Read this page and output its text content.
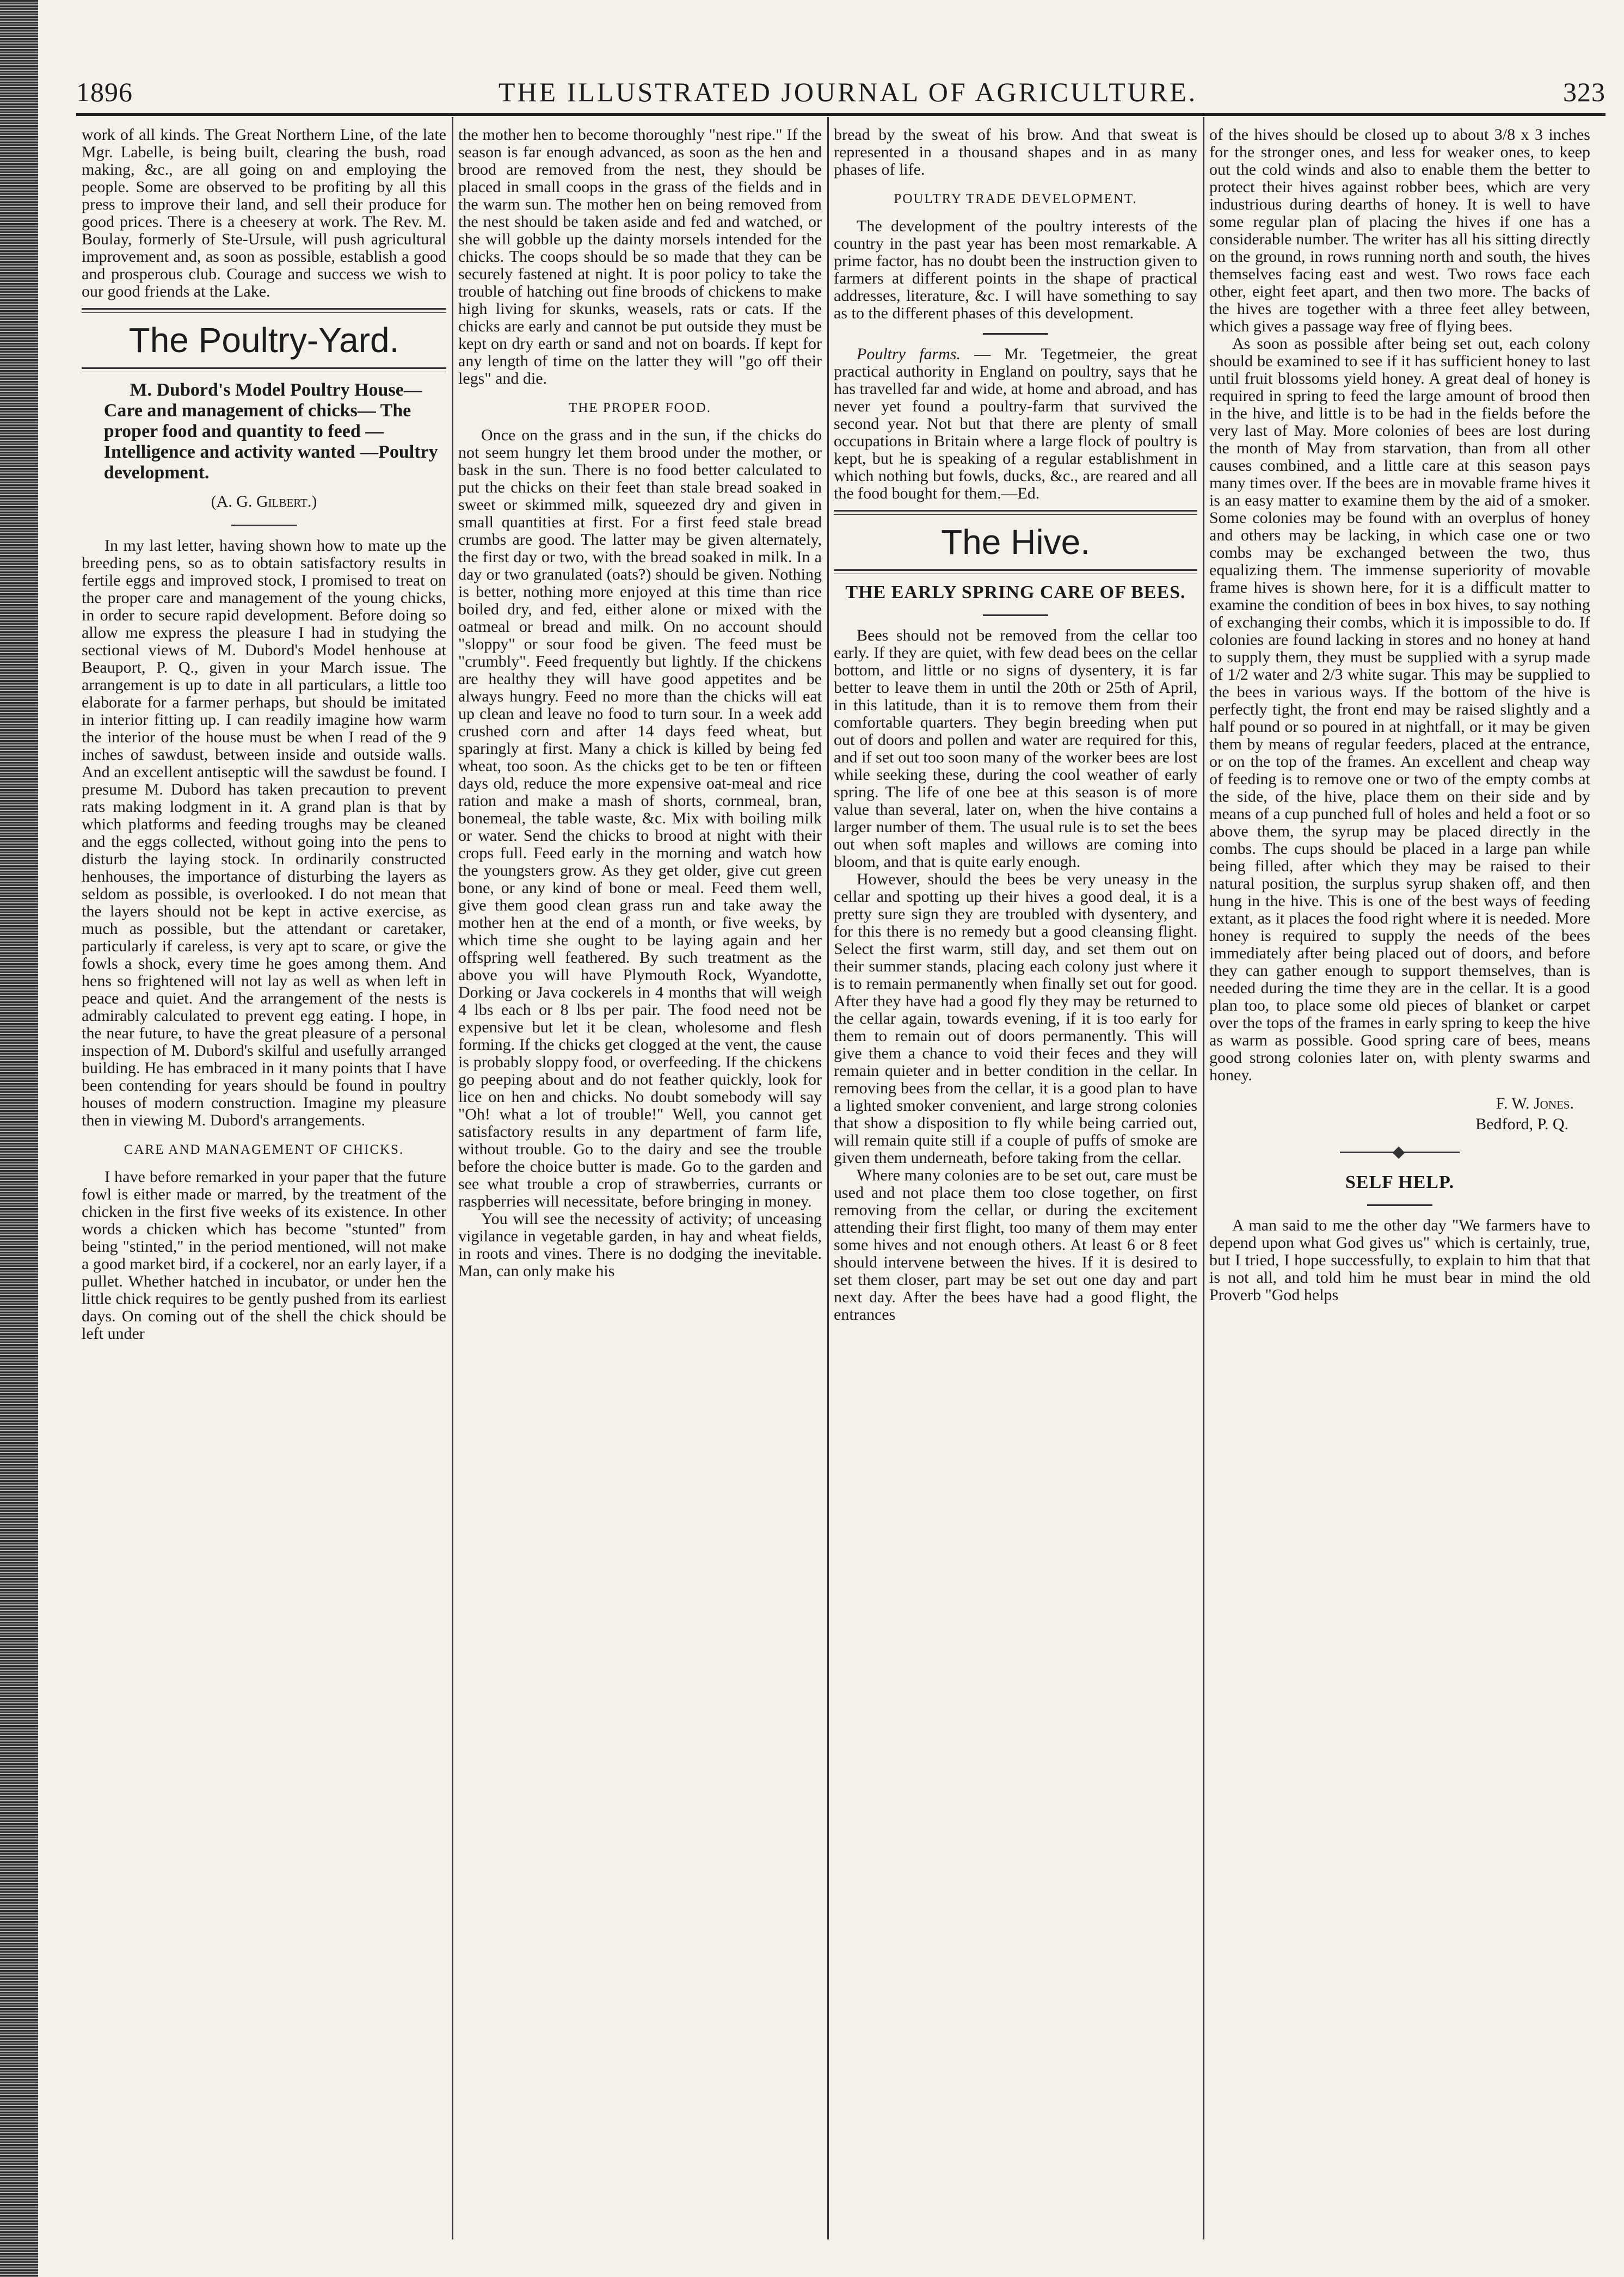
1896	THE ILLUSTRATED JOURNAL OF AGRICULTURE.	323

work of all kinds. The Great Northern Line, of the late Mgr. Labelle, is being built, clearing the bush, road making, &c., are all going on and employing the people. Some are observed to be profiting by all this press to improve their land, and sell their produce for good prices. There is a cheesery at work. The Rev. M. Boulay, formerly of Ste-Ursule, will push agricultural improvement and, as soon as possible, establish a good and prosperous club. Courage and success we wish to our good friends at the Lake.

The Poultry-Yard.

M. Dubord's Model Poultry House— Care and management of chicks— The proper food and quantity to feed —Intelligence and activity wanted —Poultry development.

(A. G. Gilbert.)

In my last letter, having shown how to mate up the breeding pens, so as to obtain satisfactory results in fertile eggs and improved stock, I promised to treat on the proper care and management of the young chicks, in order to secure rapid development. Before doing so allow me express the pleasure I had in studying the sectional views of M. Dubord's Model henhouse at Beauport, P. Q., given in your March issue. The arrangement is up to date in all particulars, a little too elaborate for a farmer perhaps, but should be imitated in interior fitting up. I can readily imagine how warm the interior of the house must be when I read of the 9 inches of sawdust, between inside and outside walls. And an excellent antiseptic will the sawdust be found. I presume M. Dubord has taken precaution to prevent rats making lodgment in it. A grand plan is that by which platforms and feeding troughs may be cleaned and the eggs collected, without going into the pens to disturb the laying stock. In ordinarily constructed henhouses, the importance of disturbing the layers as seldom as possible, is overlooked. I do not mean that the layers should not be kept in active exercise, as much as possible, but the attendant or caretaker, particularly if careless, is very apt to scare, or give the fowls a shock, every time he goes among them. And hens so frightened will not lay as well as when left in peace and quiet. And the arrangement of the nests is admirably calculated to prevent egg eating. I hope, in the near future, to have the great pleasure of a personal inspection of M. Dubord's skilful and usefully arranged building. He has embraced in it many points that I have been contending for years should be found in poultry houses of modern construction. Imagine my pleasure then in viewing M. Dubord's arrangements.

CARE AND MANAGEMENT OF CHICKS.

I have before remarked in your paper that the future fowl is either made or marred, by the treatment of the chicken in the first five weeks of its existence. In other words a chicken which has become "stunted" from being "stinted," in the period mentioned, will not make a good market bird, if a cockerel, nor an early layer, if a pullet. Whether hatched in incubator, or under hen the little chick requires to be gently pushed from its earliest days. On coming out of the shell the chick should be left under

the mother hen to become thoroughly "nest ripe." If the season is far enough advanced, as soon as the hen and brood are removed from the nest, they should be placed in small coops in the grass of the fields and in the warm sun. The mother hen on being removed from the nest should be taken aside and fed and watched, or she will gobble up the dainty morsels intended for the chicks. The coops should be so made that they can be securely fastened at night. It is poor policy to take the trouble of hatching out fine broods of chickens to make high living for skunks, weasels, rats or cats. If the chicks are early and cannot be put outside they must be kept on dry earth or sand and not on boards. If kept for any length of time on the latter they will "go off their legs" and die.

THE PROPER FOOD.

Once on the grass and in the sun, if the chicks do not seem hungry let them brood under the mother, or bask in the sun. There is no food better calculated to put the chicks on their feet than stale bread soaked in sweet or skimmed milk, squeezed dry and given in small quantities at first. For a first feed stale bread crumbs are good. The latter may be given alternately, the first day or two, with the bread soaked in milk. In a day or two granulated (oats?) should be given. Nothing is better, nothing more enjoyed at this time than rice boiled dry, and fed, either alone or mixed with the oatmeal or bread and milk. On no account should "sloppy" or sour food be given. The feed must be "crumbly". Feed frequently but lightly. If the chickens are healthy they will have good appetites and be always hungry. Feed no more than the chicks will eat up clean and leave no food to turn sour. In a week add crushed corn and after 14 days feed wheat, but sparingly at first. Many a chick is killed by being fed wheat, too soon. As the chicks get to be ten or fifteen days old, reduce the more expensive oat-meal and rice ration and make a mash of shorts, cornmeal, bran, bonemeal, the table waste, &c. Mix with boiling milk or water. Send the chicks to brood at night with their crops full. Feed early in the morning and watch how the youngsters grow. As they get older, give cut green bone, or any kind of bone or meal. Feed them well, give them good clean grass run and take away the mother hen at the end of a month, or five weeks, by which time she ought to be laying again and her offspring well feathered. By such treatment as the above you will have Plymouth Rock, Wyandotte, Dorking or Java cockerels in 4 months that will weigh 4 lbs each or 8 lbs per pair. The food need not be expensive but let it be clean, wholesome and flesh forming. If the chicks get clogged at the vent, the cause is probably sloppy food, or overfeeding. If the chickens go peeping about and do not feather quickly, look for lice on hen and chicks. No doubt somebody will say "Oh! what a lot of trouble!" Well, you cannot get satisfactory results in any department of farm life, without trouble. Go to the dairy and see the trouble before the choice butter is made. Go to the garden and see what trouble a crop of strawberries, currants or raspberries will necessitate, before bringing in money.

You will see the necessity of activity; of unceasing vigilance in vegetable garden, in hay and wheat fields, in roots and vines. There is no dodging the inevitable. Man, can only make his

bread by the sweat of his brow. And that sweat is represented in a thousand shapes and in as many phases of life.

POULTRY TRADE DEVELOPMENT.

The development of the poultry interests of the country in the past year has been most remarkable. A prime factor, has no doubt been the instruction given to farmers at different points in the shape of practical addresses, literature, &c. I will have something to say as to the different phases of this development.

Poultry farms. — Mr. Tegetmeier, the great practical authority in England on poultry, says that he has travelled far and wide, at home and abroad, and has never yet found a poultry-farm that survived the second year. Not but that there are plenty of small occupations in Britain where a large flock of poultry is kept, but he is speaking of a regular establishment in which nothing but fowls, ducks, &c., are reared and all the food bought for them.—Ed.

The Hive.
THE EARLY SPRING CARE OF BEES.

Bees should not be removed from the cellar too early. If they are quiet, with few dead bees on the cellar bottom, and little or no signs of dysentery, it is far better to leave them in until the 20th or 25th of April, in this latitude, than it is to remove them from their comfortable quarters. They begin breeding when put out of doors and pollen and water are required for this, and if set out too soon many of the worker bees are lost while seeking these, during the cool weather of early spring. The life of one bee at this season is of more value than several, later on, when the hive contains a larger number of them. The usual rule is to set the bees out when soft maples and willows are coming into bloom, and that is quite early enough.

However, should the bees be very uneasy in the cellar and spotting up their hives a good deal, it is a pretty sure sign they are troubled with dysentery, and for this there is no remedy but a good cleansing flight. Select the first warm, still day, and set them out on their summer stands, placing each colony just where it is to remain permanently when finally set out for good. After they have had a good fly they may be returned to the cellar again, towards evening, if it is too early for them to remain out of doors permanently. This will give them a chance to void their feces and they will remain quieter and in better condition in the cellar. In removing bees from the cellar, it is a good plan to have a lighted smoker convenient, and large strong colonies that show a disposition to fly while being carried out, will remain quite still if a couple of puffs of smoke are given them underneath, before taking from the cellar.

Where many colonies are to be set out, care must be used and not place them too close together, on first removing from the cellar, or during the excitement attending their first flight, too many of them may enter some hives and not enough others. At least 6 or 8 feet should intervene between the hives. If it is desired to set them closer, part may be set out one day and part next day. After the bees have had a good flight, the entrances

of the hives should be closed up to about 3/8 x 3 inches for the stronger ones, and less for weaker ones, to keep out the cold winds and also to enable them the better to protect their hives against robber bees, which are very industrious during dearths of honey. It is well to have some regular plan of placing the hives if one has a considerable number. The writer has all his sitting directly on the ground, in rows running north and south, the hives themselves facing east and west. Two rows face each other, eight feet apart, and then two more. The backs of the hives are together with a three feet alley between, which gives a passage way free of flying bees.

As soon as possible after being set out, each colony should be examined to see if it has sufficient honey to last until fruit blossoms yield honey. A great deal of honey is required in spring to feed the large amount of brood then in the hive, and little is to be had in the fields before the very last of May. More colonies of bees are lost during the month of May from starvation, than from all other causes combined, and a little care at this season pays many times over. If the bees are in movable frame hives it is an easy matter to examine them by the aid of a smoker. Some colonies may be found with an overplus of honey and others may be lacking, in which case one or two combs may be exchanged between the two, thus equalizing them. The immense superiority of movable frame hives is shown here, for it is a difficult matter to examine the condition of bees in box hives, to say nothing of exchanging their combs, which it is impossible to do. If colonies are found lacking in stores and no honey at hand to supply them, they must be supplied with a syrup made of 1/2 water and 2/3 white sugar. This may be supplied to the bees in various ways. If the bottom of the hive is perfectly tight, the front end may be raised slightly and a half pound or so poured in at nightfall, or it may be given them by means of regular feeders, placed at the entrance, or on the top of the frames. An excellent and cheap way of feeding is to remove one or two of the empty combs at the side, of the hive, place them on their side and by means of a cup punched full of holes and held a foot or so above them, the syrup may be placed directly in the combs. The cups should be placed in a large pan while being filled, after which they may be raised to their natural position, the surplus syrup shaken off, and then hung in the hive. This is one of the best ways of feeding extant, as it places the food right where it is needed. More honey is required to supply the needs of the bees immediately after being placed out of doors, and before they can gather enough to support themselves, than is needed during the time they are in the cellar. It is a good plan too, to place some old pieces of blanket or carpet over the tops of the frames in early spring to keep the hive as warm as possible. Good spring care of bees, means good strong colonies later on, with plenty swarms and honey.

F. W. Jones.
Bedford, P. Q.
SELF HELP.

A man said to me the other day "We farmers have to depend upon what God gives us" which is certainly, true, but I tried, I hope successfully, to explain to him that that is not all, and told him he must bear in mind the old Proverb "God helps
